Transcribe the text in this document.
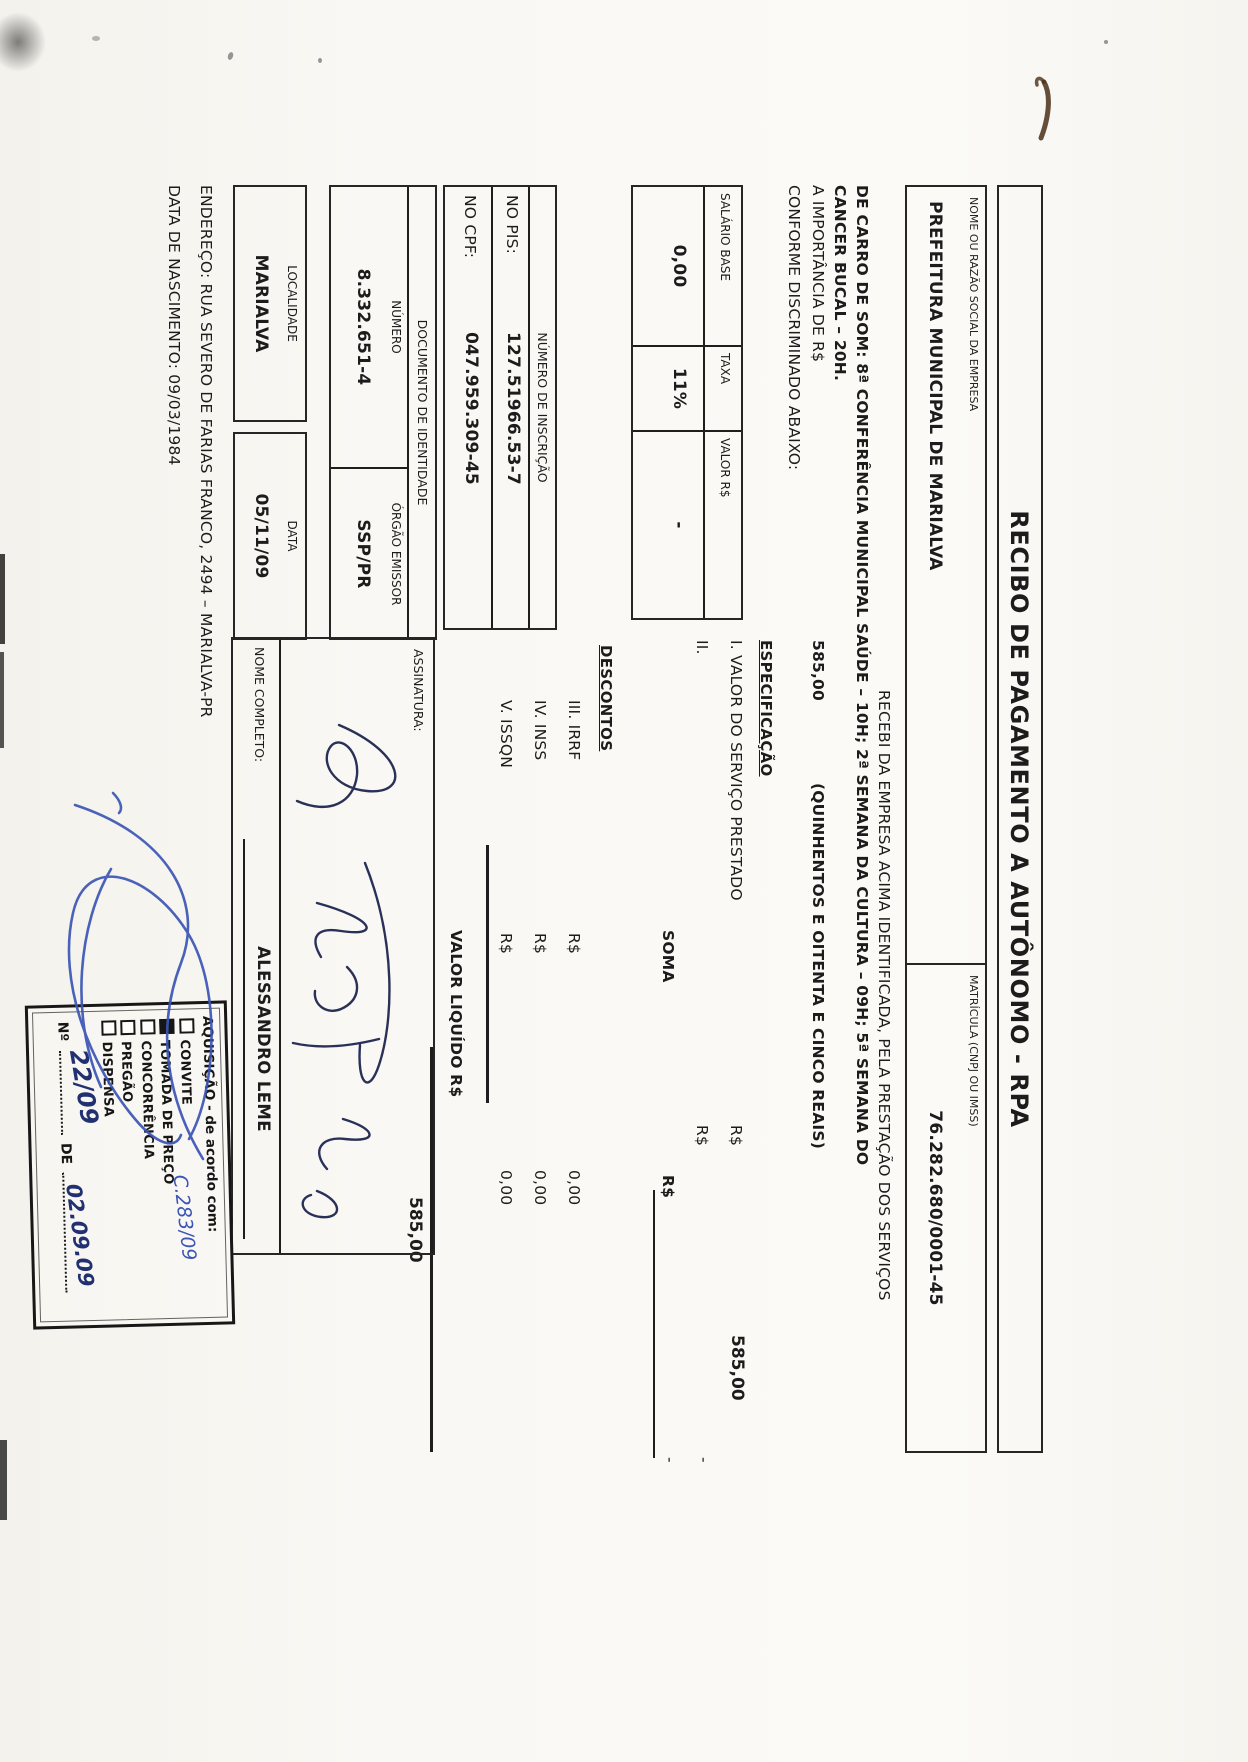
RECIBO DE PAGAMENTO A AUTÔNOMO - RPA
NOME OU RAZÃO SOCIAL DA EMPRESA
PREFEITURA MUNICIPAL DE MARIALVA
MATRÍCULA (CNPJ OU IMSS)
76.282.680/0001-45
RECEBI DA EMPRESA ACIMA IDENTIFICADA, PELA PRESTAÇÃO DOS SERVIÇOS
DE CARRO DE SOM: 8ª CONFERÊNCIA MUNICIPAL SAÚDE – 10H; 2ª SEMANA DA CULTURA – 09H; 5ª SEMANA DO
CANCER BUCAL – 20H.
A IMPORTÂNCIA DE R$
585,00
(QUINHENTOS E OITENTA E CINCO REAIS)
CONFORME DISCRIMINADO ABAIXO:
SALÁRIO BASE
TAXA
VALOR R$
0,00
11%
-
ESPECIFICAÇÃO
I. VALOR DO SERVIÇO PRESTADO
R$
585,00
II.
R$
-
SOMA
R$
-
DESCONTOS
III. IRRF
R$
0,00
IV. INSS
R$
0,00
V. ISSQN
R$
0,00
VALOR LIQUÍDO R$
585,00
NÚMERO DE INSCRIÇÃO
NO PIS:
127.51966.53-7
NO CPF:
047.959.309-45
DOCUMENTO DE IDENTIDADE
NÚMERO
8.332.651-4
ÓRGÃO EMISSOR
SSP/PR
LOCALIDADE
MARIALVA
DATA
05/11/09
ASSINATURA:
NOME COMPLETO:
ALESSANDRO LEME
ENDEREÇO: RUA SEVERO DE FARIAS FRANCO, 2494 – MARIALVA-PR
DATA DE NASCIMENTO: 09/03/1984
AQUISIÇÃO - de acordo com:
CONVITE
TOMADA DE PREÇO
CONCORRÊNCIA
PREGÃO
DISPENSA
C.283/09
Nº  DE
22/09
02.09.09
